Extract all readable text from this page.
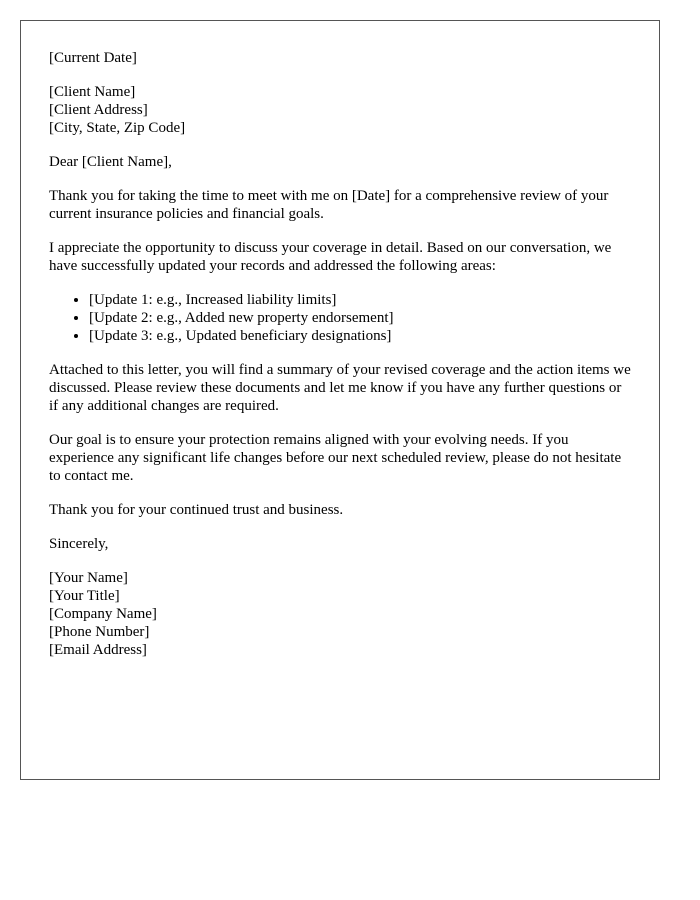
[Current Date]
[Client Name]
[Client Address]
[City, State, Zip Code]

Dear [Client Name],

Thank you for taking the time to meet with me on [Date] for a comprehensive review of your current insurance policies and financial goals.

I appreciate the opportunity to discuss your coverage in detail. Based on our conversation, we have successfully updated your records and addressed the following areas:

• [Update 1: e.g., Increased liability limits]
• [Update 2: e.g., Added new property endorsement]
• [Update 3: e.g., Updated beneficiary designations]

Attached to this letter, you will find a summary of your revised coverage and the action items we discussed. Please review these documents and let me know if you have any further questions or if any additional changes are required.

Our goal is to ensure your protection remains aligned with your evolving needs. If you experience any significant life changes before our next scheduled review, please do not hesitate to contact me.

Thank you for your continued trust and business.

Sincerely,

[Your Name]
[Your Title]
[Company Name]
[Phone Number]
[Email Address]
